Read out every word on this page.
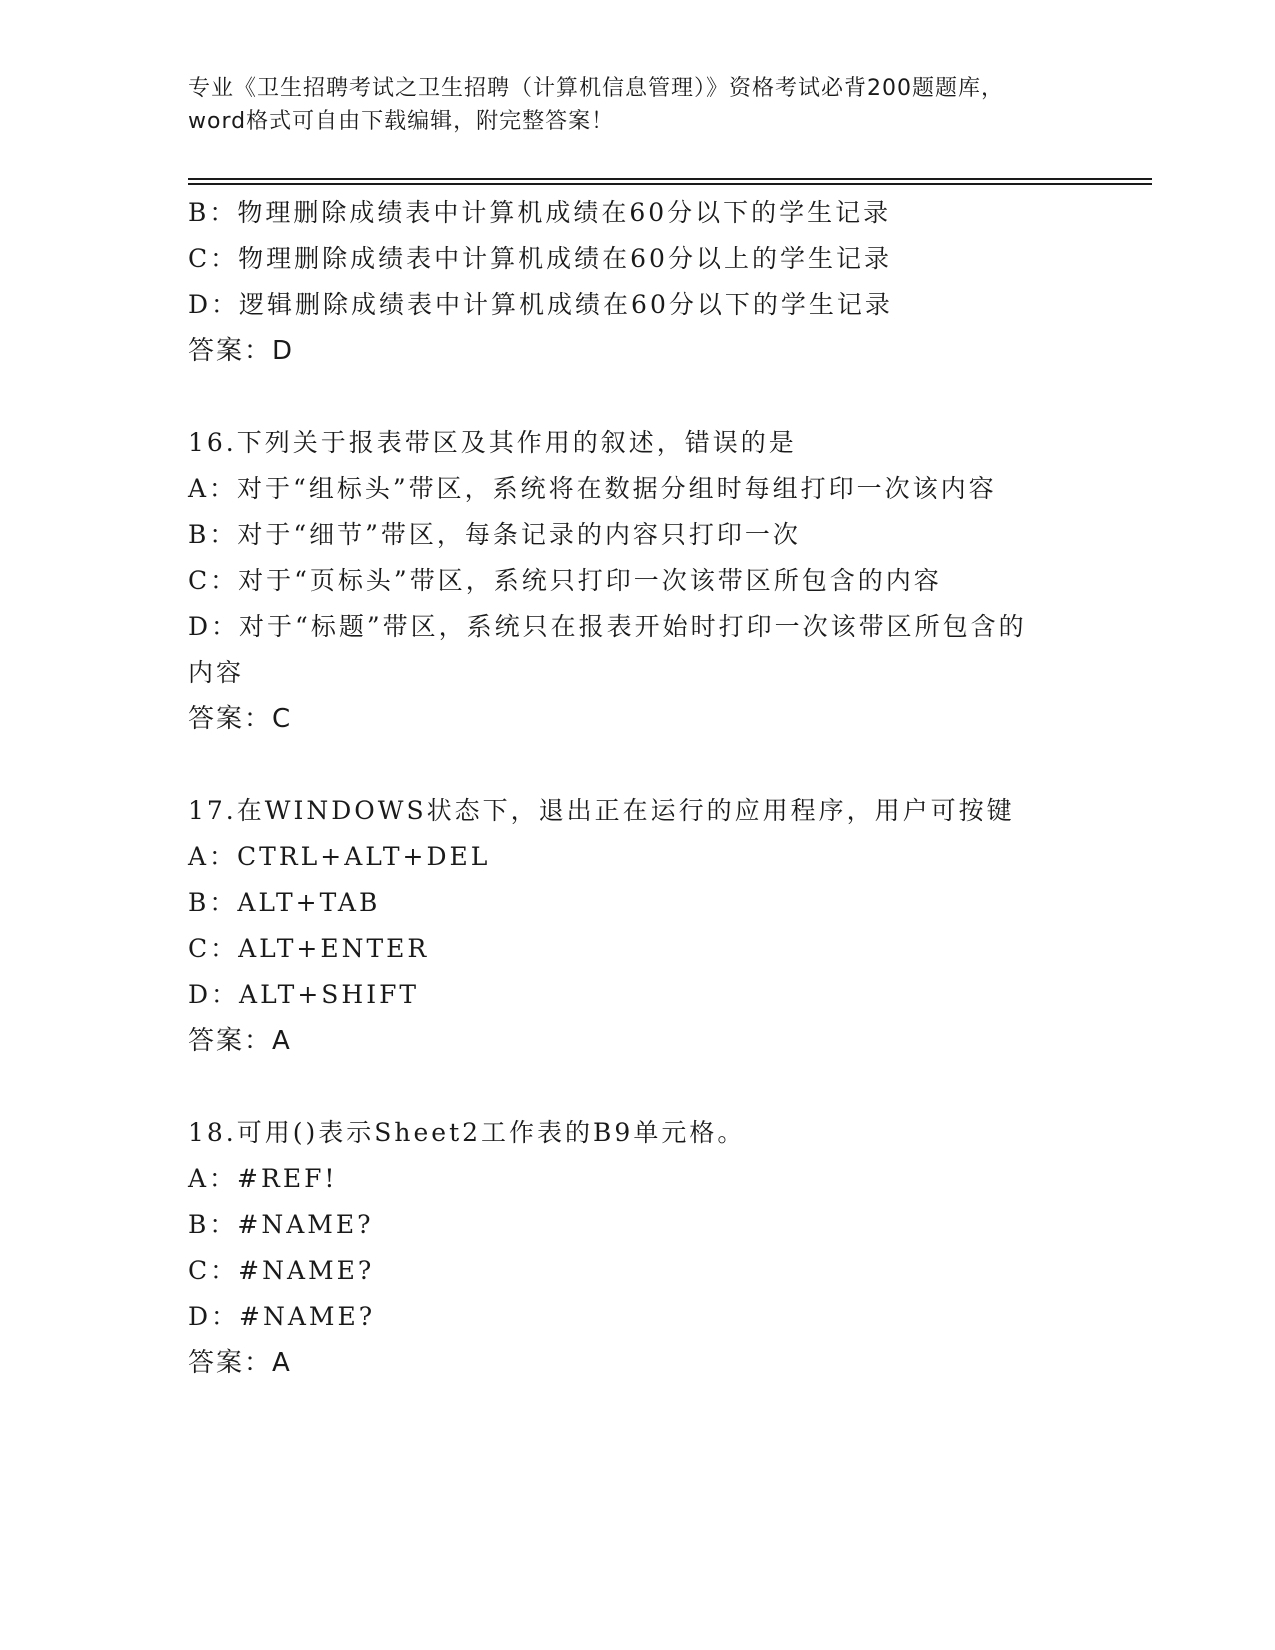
专业《卫生招聘考试之卫生招聘（计算机信息管理）》资格考试必背200题题库，
word格式可自由下载编辑，附完整答案！
B：物理删除成绩表中计算机成绩在60分以下的学生记录
C：物理删除成绩表中计算机成绩在60分以上的学生记录
D：逻辑删除成绩表中计算机成绩在60分以下的学生记录
答案：D
16.下列关于报表带区及其作用的叙述，错误的是
A：对于“组标头”带区，系统将在数据分组时每组打印一次该内容
B：对于“细节”带区，每条记录的内容只打印一次
C：对于“页标头”带区，系统只打印一次该带区所包含的内容
D：对于“标题”带区，系统只在报表开始时打印一次该带区所包含的
内容
答案：C
17.在WINDOWS状态下，退出正在运行的应用程序，用户可按键
A：CTRL+ALT+DEL
B：ALT+TAB
C：ALT+ENTER
D：ALT+SHIFT
答案：A
18.可用()表示Sheet2工作表的B9单元格。
A：#REF!
B：#NAME?
C：#NAME?
D：#NAME?
答案：A
